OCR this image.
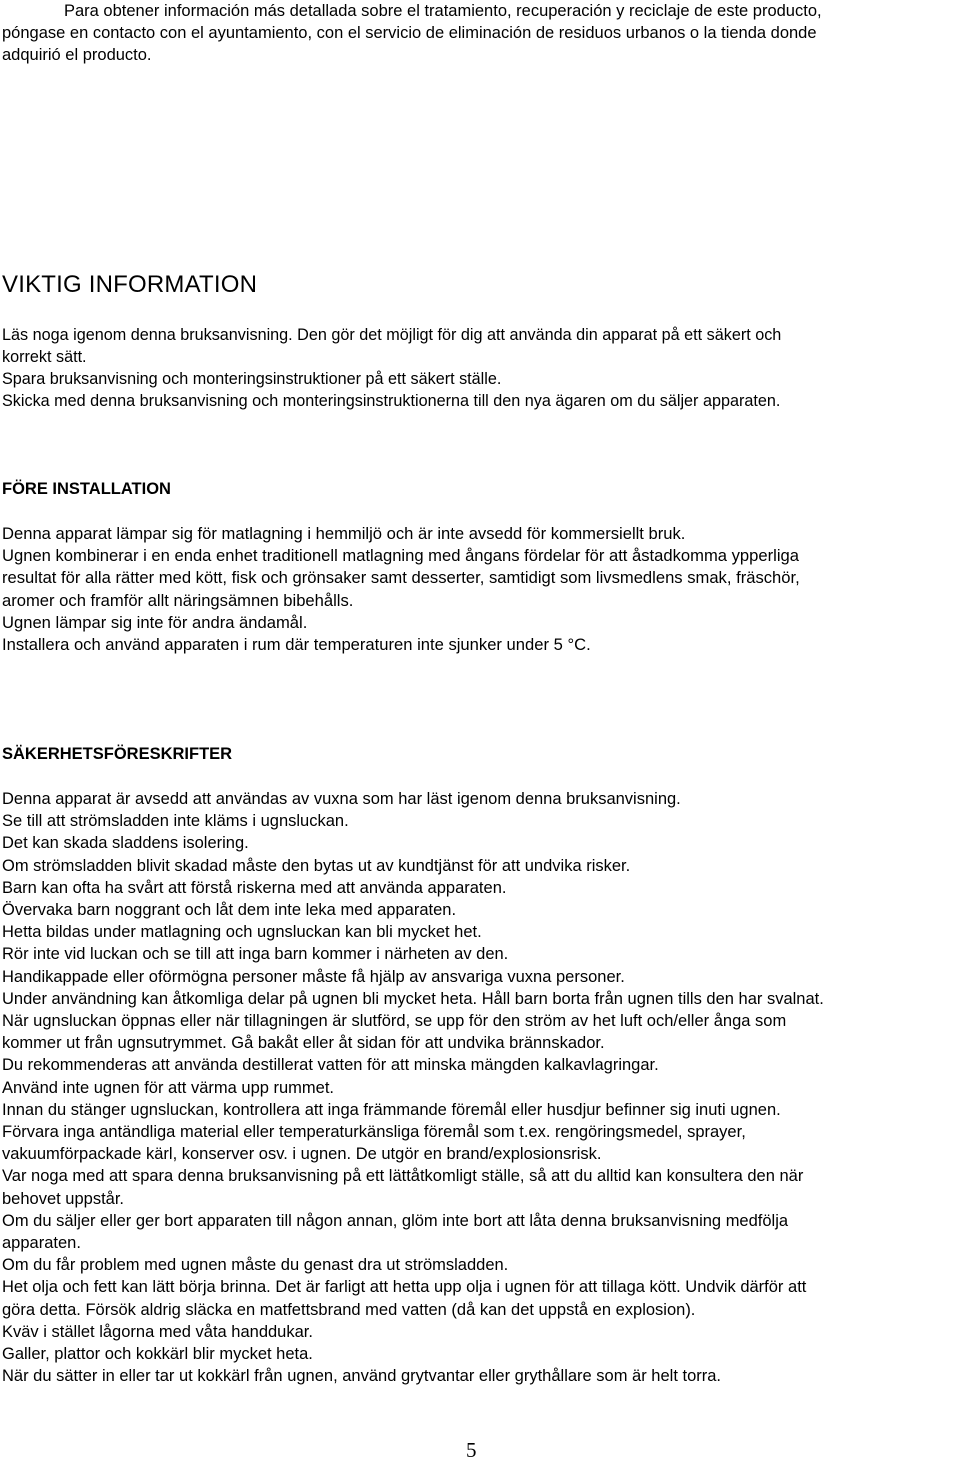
Para obtener información más detallada sobre el tratamiento, recuperación y reciclaje de este producto,
póngase en contacto con el ayuntamiento, con el servicio de eliminación de residuos urbanos o la tienda donde
adquirió el producto.
VIKTIG INFORMATION
Läs noga igenom denna bruksanvisning. Den gör det möjligt för dig att använda din apparat på ett säkert och
korrekt sätt.
Spara bruksanvisning och monteringsinstruktioner på ett säkert ställe.
Skicka med denna bruksanvisning och monteringsinstruktionerna till den nya ägaren om du säljer apparaten.
FÖRE INSTALLATION
Denna apparat lämpar sig för matlagning i hemmiljö och är inte avsedd för kommersiellt bruk.
Ugnen kombinerar i en enda enhet traditionell matlagning med ångans fördelar för att åstadkomma ypperliga
resultat för alla rätter med kött, fisk och grönsaker samt desserter, samtidigt som livsmedlens smak, fräschör,
aromer och framför allt näringsämnen bibehålls.
Ugnen lämpar sig inte för andra ändamål.
Installera och använd apparaten i rum där temperaturen inte sjunker under 5 °C.
SÄKERHETSFÖRESKRIFTER
Denna apparat är avsedd att användas av vuxna som har läst igenom denna bruksanvisning.
Se till att strömsladden inte kläms i ugnsluckan.
Det kan skada sladdens isolering.
Om strömsladden blivit skadad måste den bytas ut av kundtjänst för att undvika risker.
Barn kan ofta ha svårt att förstå riskerna med att använda apparaten.
Övervaka barn noggrant och låt dem inte leka med apparaten.
Hetta bildas under matlagning och ugnsluckan kan bli mycket het.
Rör inte vid luckan och se till att inga barn kommer i närheten av den.
Handikappade eller oförmögna personer måste få hjälp av ansvariga vuxna personer.
Under användning kan åtkomliga delar på ugnen bli mycket heta. Håll barn borta från ugnen tills den har svalnat.
När ugnsluckan öppnas eller när tillagningen är slutförd, se upp för den ström av het luft och/eller ånga som
kommer ut från ugnsutrymmet. Gå bakåt eller åt sidan för att undvika brännskador.
Du rekommenderas att använda destillerat vatten för att minska mängden kalkavlagringar.
Använd inte ugnen för att värma upp rummet.
Innan du stänger ugnsluckan, kontrollera att inga främmande föremål eller husdjur befinner sig inuti ugnen.
Förvara inga antändliga material eller temperaturkänsliga föremål som t.ex. rengöringsmedel, sprayer,
vakuumförpackade kärl, konserver osv. i ugnen. De utgör en brand/explosionsrisk.
Var noga med att spara denna bruksanvisning på ett lättåtkomligt ställe, så att du alltid kan konsultera den när
behovet uppstår.
Om du säljer eller ger bort apparaten till någon annan, glöm inte bort att låta denna bruksanvisning medfölja
apparaten.
Om du får problem med ugnen måste du genast dra ut strömsladden.
Het olja och fett kan lätt börja brinna. Det är farligt att hetta upp olja i ugnen för att tillaga kött. Undvik därför att
göra detta. Försök aldrig släcka en matfettsbrand med vatten (då kan det uppstå en explosion).
Kväv i stället lågorna med våta handdukar.
Galler, plattor och kokkärl blir mycket heta.
När du sätter in eller tar ut kokkärl från ugnen, använd grytvantar eller grythållare som är helt torra.
5
